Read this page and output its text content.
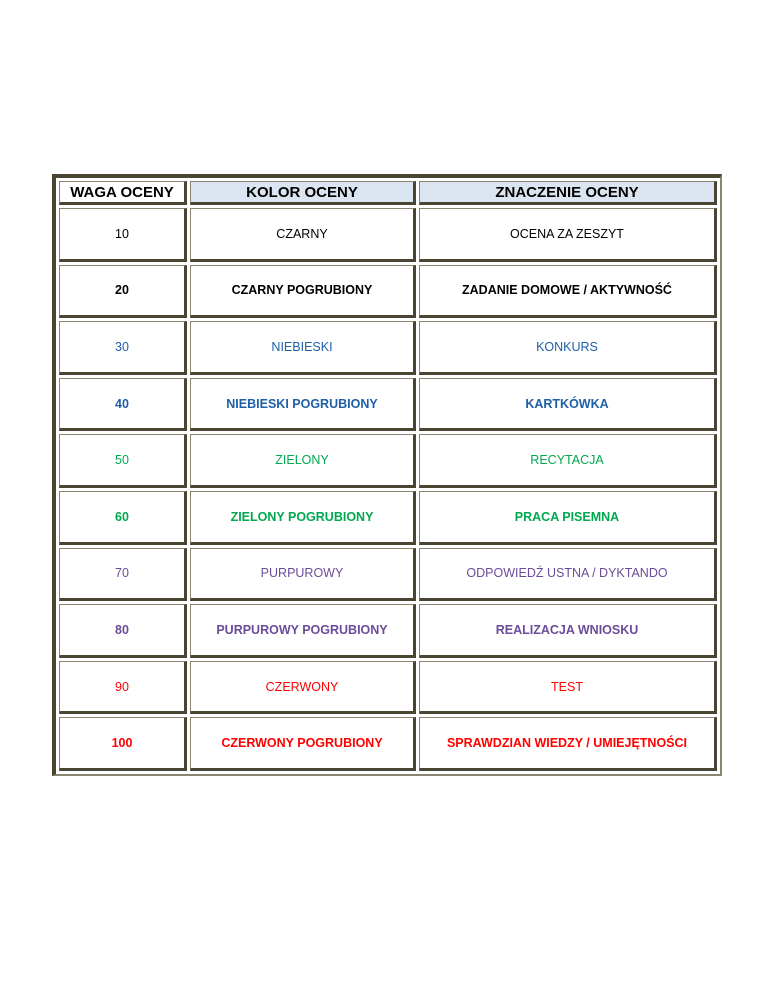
WAGA OCENY	KOLOR OCENY	ZNACZENIE OCENY
10	CZARNY	OCENA ZA ZESZYT
20	CZARNY POGRUBIONY	ZADANIE DOMOWE / AKTYWNOŚĆ
30	NIEBIESKI	KONKURS
40	NIEBIESKI POGRUBIONY	KARTKÓWKA
50	ZIELONY	RECYTACJA
60	ZIELONY POGRUBIONY	PRACA PISEMNA
70	PURPUROWY	ODPOWIEDŹ USTNA / DYKTANDO
80	PURPUROWY POGRUBIONY	REALIZACJA WNIOSKU
90	CZERWONY	TEST
100	CZERWONY POGRUBIONY	SPRAWDZIAN WIEDZY / UMIEJĘTNOŚCI
